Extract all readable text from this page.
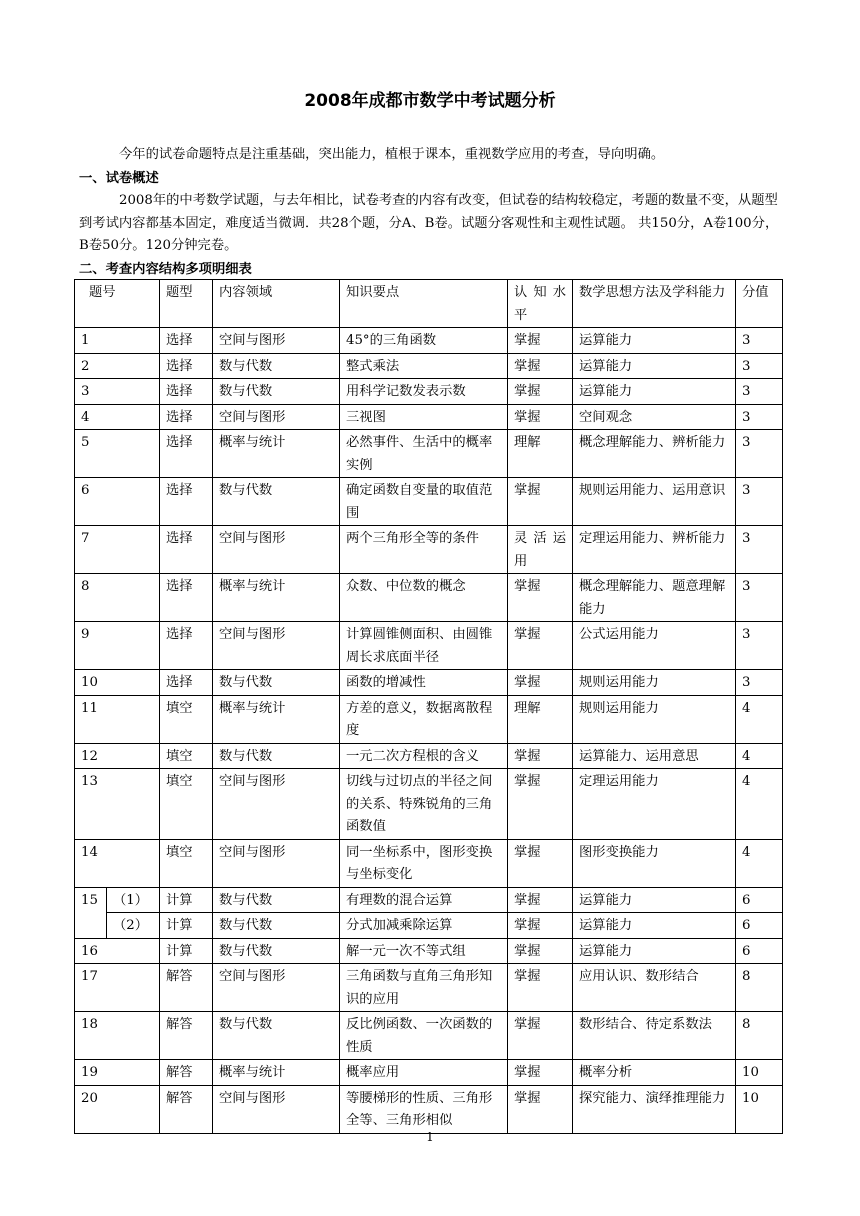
2008年成都市数学中考试题分析
今年的试卷命题特点是注重基础，突出能力，植根于课本，重视数学应用的考查，导向明确。
一、试卷概述
2008年的中考数学试题，与去年相比，试卷考查的内容有改变，但试卷的结构较稳定，考题的数量不变，从题型到考试内容都基本固定，难度适当微调．共28个题，分A、B卷。试题分客观性和主观性试题。 共150分，A卷100分，B卷50分。120分钟完卷。
二、考查内容结构多项明细表
题号		题型	内容领域	知识要点	认知水平	数学思想方法及学科能力	分值
1		选择	空间与图形	45°的三角函数	掌握	运算能力	3
2		选择	数与代数	整式乘法	掌握	运算能力	3
3		选择	数与代数	用科学记数发表示数	掌握	运算能力	3
4		选择	空间与图形	三视图	掌握	空间观念	3
5		选择	概率与统计	必然事件、生活中的概率实例	理解	概念理解能力、辨析能力	3
6		选择	数与代数	确定函数自变量的取值范围	掌握	规则运用能力、运用意识	3
7		选择	空间与图形	两个三角形全等的条件	灵活运用	定理运用能力、辨析能力	3
8		选择	概率与统计	众数、中位数的概念	掌握	概念理解能力、题意理解能力	3
9		选择	空间与图形	计算圆锥侧面积、由圆锥周长求底面半径	掌握	公式运用能力	3
10		选择	数与代数	函数的增减性	掌握	规则运用能力	3
11		填空	概率与统计	方差的意义，数据离散程度	理解	规则运用能力	4
12		填空	数与代数	一元二次方程根的含义	掌握	运算能力、运用意思	4
13		填空	空间与图形	切线与过切点的半径之间的关系、特殊锐角的三角函数值	掌握	定理运用能力	4
14		填空	空间与图形	同一坐标系中，图形变换与坐标变化	掌握	图形变换能力	4
15	（1）	计算	数与代数	有理数的混合运算	掌握	运算能力	6
	（2）	计算	数与代数	分式加减乘除运算	掌握	运算能力	6
16		计算	数与代数	解一元一次不等式组	掌握	运算能力	6
17		解答	空间与图形	三角函数与直角三角形知识的应用	掌握	应用认识、数形结合	8
18		解答	数与代数	反比例函数、一次函数的性质	掌握	数形结合、待定系数法	8
19		解答	概率与统计	概率应用	掌握	概率分析	10
20		解答	空间与图形	等腰梯形的性质、三角形全等、三角形相似	掌握	探究能力、演绎推理能力	10
1
